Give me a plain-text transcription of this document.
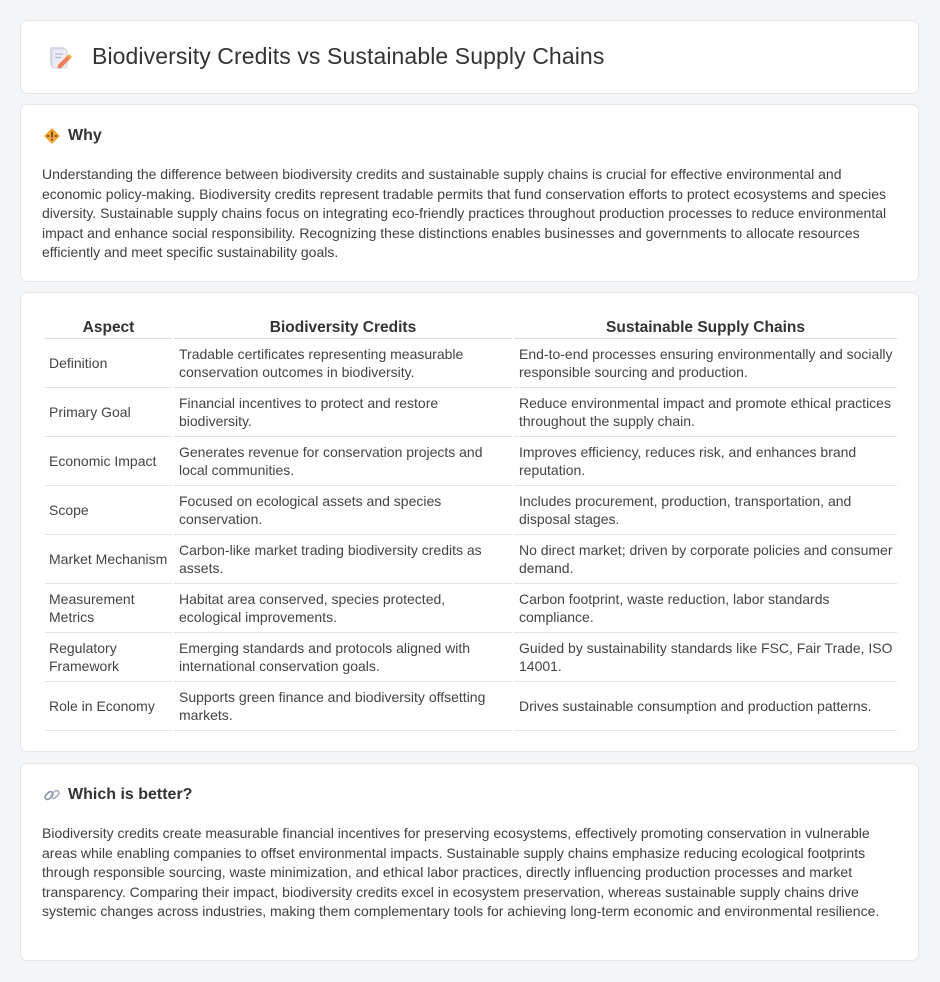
Biodiversity Credits vs Sustainable Supply Chains
Why

Understanding the difference between biodiversity credits and sustainable supply chains is crucial for effective environmental and economic policy-making. Biodiversity credits represent tradable permits that fund conservation efforts to protect ecosystems and species diversity. Sustainable supply chains focus on integrating eco-friendly practices throughout production processes to reduce environmental impact and enhance social responsibility. Recognizing these distinctions enables businesses and governments to allocate resources efficiently and meet specific sustainability goals.

Aspect	Biodiversity Credits	Sustainable Supply Chains
Definition	Tradable certificates representing measurable conservation outcomes in biodiversity.	End-to-end processes ensuring environmentally and socially responsible sourcing and production.
Primary Goal	Financial incentives to protect and restore biodiversity.	Reduce environmental impact and promote ethical practices throughout the supply chain.
Economic Impact	Generates revenue for conservation projects and local communities.	Improves efficiency, reduces risk, and enhances brand reputation.
Scope	Focused on ecological assets and species conservation.	Includes procurement, production, transportation, and disposal stages.
Market Mechanism	Carbon-like market trading biodiversity credits as assets.	No direct market; driven by corporate policies and consumer demand.
Measurement Metrics	Habitat area conserved, species protected, ecological improvements.	Carbon footprint, waste reduction, labor standards compliance.
Regulatory Framework	Emerging standards and protocols aligned with international conservation goals.	Guided by sustainability standards like FSC, Fair Trade, ISO 14001.
Role in Economy	Supports green finance and biodiversity offsetting markets.	Drives sustainable consumption and production patterns.
Which is better?

Biodiversity credits create measurable financial incentives for preserving ecosystems, effectively promoting conservation in vulnerable areas while enabling companies to offset environmental impacts. Sustainable supply chains emphasize reducing ecological footprints through responsible sourcing, waste minimization, and ethical labor practices, directly influencing production processes and market transparency. Comparing their impact, biodiversity credits excel in ecosystem preservation, whereas sustainable supply chains drive systemic changes across industries, making them complementary tools for achieving long-term economic and environmental resilience.
